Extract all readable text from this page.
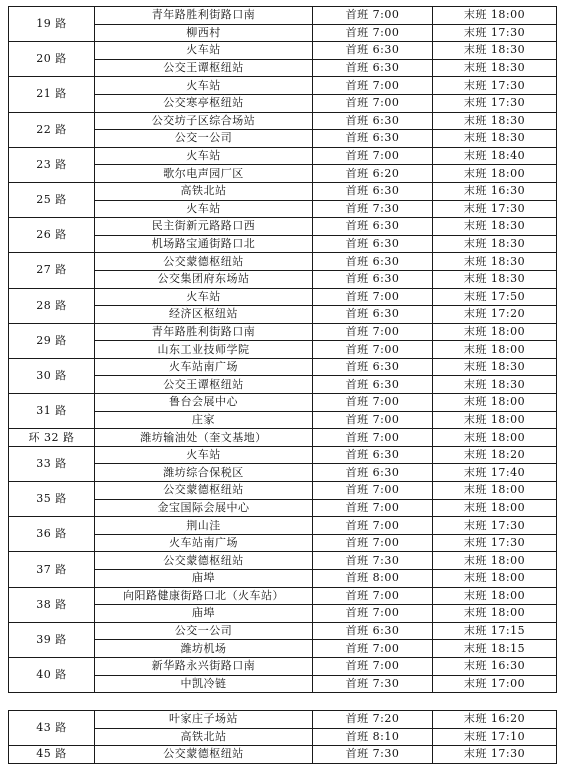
19 路	青年路胜利街路口南	首班 7:00	末班 18:00
	柳西村	首班 7:00	末班 17:30
20 路	火车站	首班 6:30	末班 18:30
	公交王谭枢纽站	首班 6:30	末班 18:30
21 路	火车站	首班 7:00	末班 17:30
	公交寒亭枢纽站	首班 7:00	末班 17:30
22 路	公交坊子区综合场站	首班 6:30	末班 18:30
	公交一公司	首班 6:30	末班 18:30
23 路	火车站	首班 7:00	末班 18:40
	歌尔电声园厂区	首班 6:20	末班 18:00
25 路	高铁北站	首班 6:30	末班 16:30
	火车站	首班 7:30	末班 17:30
26 路	民主街新元路路口西	首班 6:30	末班 18:30
	机场路宝通街路口北	首班 6:30	末班 18:30
27 路	公交蒙德枢纽站	首班 6:30	末班 18:30
	公交集团府东场站	首班 6:30	末班 18:30
28 路	火车站	首班 7:00	末班 17:50
	经济区枢纽站	首班 6:30	末班 17:20
29 路	青年路胜利街路口南	首班 7:00	末班 18:00
	山东工业技师学院	首班 7:00	末班 18:00
30 路	火车站南广场	首班 6:30	末班 18:30
	公交王谭枢纽站	首班 6:30	末班 18:30
31 路	鲁台会展中心	首班 7:00	末班 18:00
	庄家	首班 7:00	末班 18:00
环 32 路	潍坊输油处（奎文基地）	首班 7:00	末班 18:00
33 路	火车站	首班 6:30	末班 18:20
	潍坊综合保税区	首班 6:30	末班 17:40
35 路	公交蒙德枢纽站	首班 7:00	末班 18:00
	金宝国际会展中心	首班 7:00	末班 18:00
36 路	荆山洼	首班 7:00	末班 17:30
	火车站南广场	首班 7:00	末班 17:30
37 路	公交蒙德枢纽站	首班 7:30	末班 18:00
	庙埠	首班 8:00	末班 18:00
38 路	向阳路健康街路口北（火车站）	首班 7:00	末班 18:00
	庙埠	首班 7:00	末班 18:00
39 路	公交一公司	首班 6:30	末班 17:15
	潍坊机场	首班 7:00	末班 18:15
40 路	新华路永兴街路口南	首班 7:00	末班 16:30
	中凯冷链	首班 7:30	末班 17:00
43 路	叶家庄子场站	首班 7:20	末班 16:20
	高铁北站	首班 8:10	末班 17:10
45 路	公交蒙德枢纽站	首班 7:30	末班 17:30
